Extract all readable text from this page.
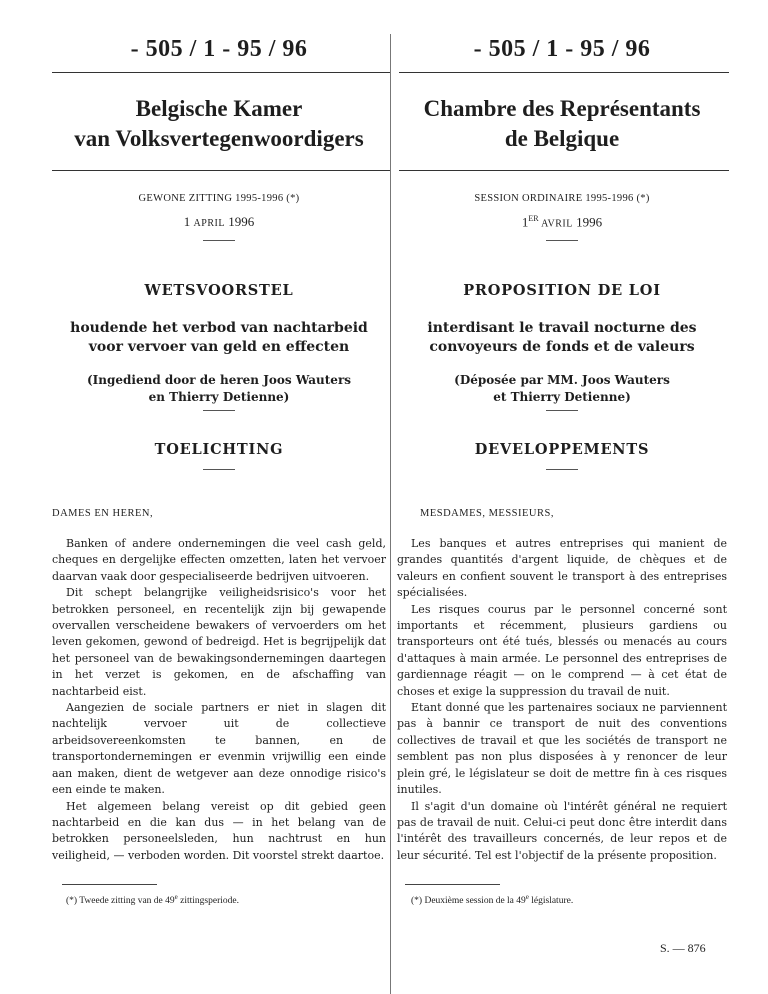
- 505 / 1 - 95 / 96
Belgische Kamer
van Volksvertegenwoordigers
GEWONE ZITTING 1995-1996 (*)
1 APRIL 1996
WETSVOORSTEL
houdende het verbod van nachtarbeid
voor vervoer van geld en effecten
(Ingediend door de heren Joos Wauters
en Thierry Detienne)
TOELICHTING
DAMES EN HEREN,

Banken of andere ondernemingen die veel cash geld, cheques en dergelijke effecten omzetten, laten het vervoer daarvan vaak door gespecialiseerde bedrijven uitvoeren.

Dit schept belangrijke veiligheidsrisico's voor het betrokken personeel, en recentelijk zijn bij gewapende overvallen verscheidene bewakers of vervoerders om het leven gekomen, gewond of bedreigd. Het is begrijpelijk dat het personeel van de bewakingsondernemingen daartegen in het verzet is gekomen, en de afschaffing van nachtarbeid eist.

Aangezien de sociale partners er niet in slagen dit nachtelijk vervoer uit de collectieve arbeidsovereenkomsten te bannen, en de transportondernemingen er evenmin vrijwillig een einde aan maken, dient de wetgever aan deze onnodige risico's een einde te maken.

Het algemeen belang vereist op dit gebied geen nachtarbeid en die kan dus — in het belang van de betrokken personeelsleden, hun nachtrust en hun veiligheid, — verboden worden. Dit voorstel strekt daartoe.

(*) Tweede zitting van de 49e zittingsperiode.
- 505 / 1 - 95 / 96
Chambre des Représentants
de Belgique
SESSION ORDINAIRE 1995-1996 (*)
1ER AVRIL 1996
PROPOSITION DE LOI
interdisant le travail nocturne des
convoyeurs de fonds et de valeurs
(Déposée par MM. Joos Wauters
et Thierry Detienne)
DEVELOPPEMENTS
MESDAMES, MESSIEURS,

Les banques et autres entreprises qui manient de grandes quantités d'argent liquide, de chèques et de valeurs en confient souvent le transport à des entreprises spécialisées.

Les risques courus par le personnel concerné sont importants et récemment, plusieurs gardiens ou transporteurs ont été tués, blessés ou menacés au cours d'attaques à main armée. Le personnel des entreprises de gardiennage réagit — on le comprend — à cet état de choses et exige la suppression du travail de nuit.

Etant donné que les partenaires sociaux ne parviennent pas à bannir ce transport de nuit des conventions collectives de travail et que les sociétés de transport ne semblent pas non plus disposées à y renoncer de leur plein gré, le législateur se doit de mettre fin à ces risques inutiles.

Il s'agit d'un domaine où l'intérêt général ne requiert pas de travail de nuit. Celui-ci peut donc être interdit dans l'intérêt des travailleurs concernés, de leur repos et de leur sécurité. Tel est l'objectif de la présente proposition.

(*) Deuxième session de la 49e législature.
S. — 876
